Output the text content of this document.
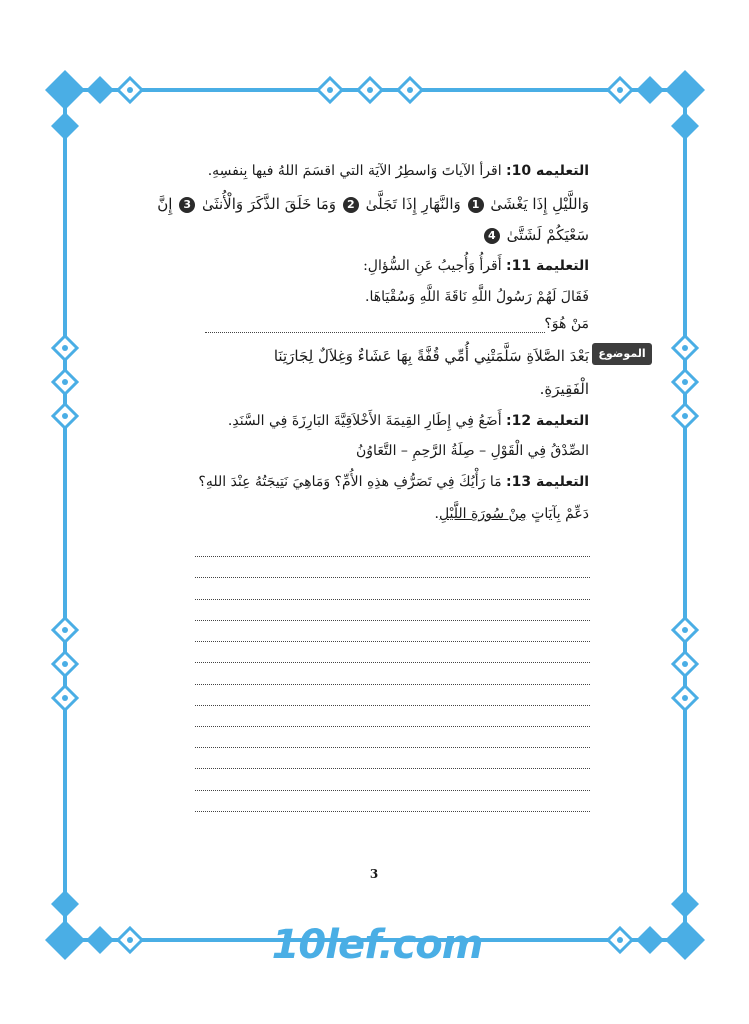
التعليمه 10: اقرأ الآياتَ وَاسطِرُ الآيَة التي اقسَمَ اللهُ فيها بِنفسِهِ.
وَاللَّيْلِ إِذَا يَغْشَىٰ 1 وَالنَّهَارِ إِذَا تَجَلَّىٰ 2 وَمَا خَلَقَ الذَّكَرَ وَالْأُنثَىٰ 3 إِنَّ
سَعْيَكُمْ لَشَتَّىٰ 4
التعليمة 11: أَقرأُ وَأُجيبُ عَنِ السُّؤالِ:
فَقَالَ لَهُمْ رَسُولُ اللَّهِ نَاقَةَ اللَّهِ وَسُقْيَاهَا.
مَنْ هُوَ؟
الموضوع
بَعْدَ الصَّلاَةِ سَلَّمَتْنِي أُمِّي قُفَّةً بِهَا عَشَاءٌ وَغِلاَلٌ لِجَارَتِنَا
الْفَقِيرَةِ.
التعليمة 12: أَضَعُ فِي إِطَارِ القِيمَةَ الأَخْلاَقِيَّةَ البَارِزَةَ فِي السَّنَدِ.
الصِّدْقُ فِي الْقَوْلِ – صِلَةُ الرَّحِمِ – التَّعَاوُنُ
التعليمة 13: مَا رَأْيُكَ فِي تَصَرُّفِ هذِهِ الأُمِّ؟ وَمَاهِيَ نَتِيجَتُهُ عِنْدَ اللهِ؟
دَعِّمْ بِآيَاتٍ مِنْ سُورَةِ اللَّيْلِ.
3
10lef.com
